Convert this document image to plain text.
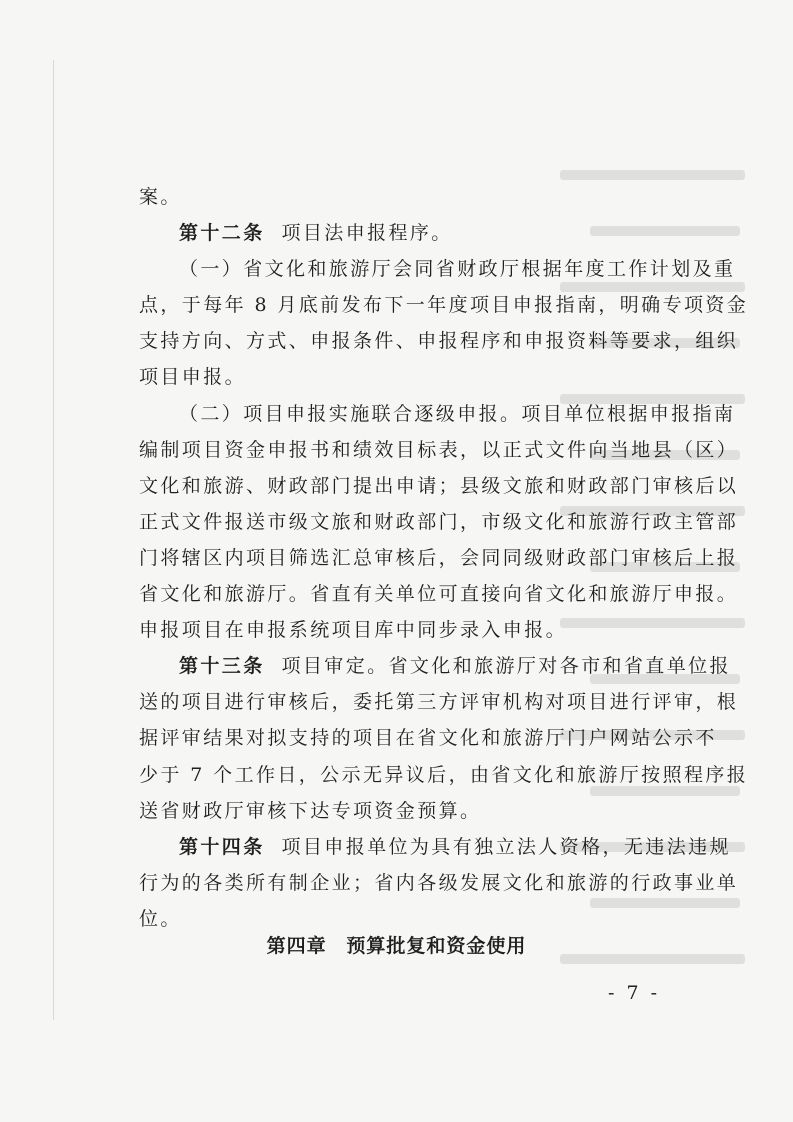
案。
第十二条 项目法申报程序。
（一）省文化和旅游厅会同省财政厅根据年度工作计划及重
点，于每年 8 月底前发布下一年度项目申报指南，明确专项资金
支持方向、方式、申报条件、申报程序和申报资料等要求，组织
项目申报。
（二）项目申报实施联合逐级申报。项目单位根据申报指南
编制项目资金申报书和绩效目标表，以正式文件向当地县（区）
文化和旅游、财政部门提出申请；县级文旅和财政部门审核后以
正式文件报送市级文旅和财政部门，市级文化和旅游行政主管部
门将辖区内项目筛选汇总审核后，会同同级财政部门审核后上报
省文化和旅游厅。省直有关单位可直接向省文化和旅游厅申报。
申报项目在申报系统项目库中同步录入申报。
第十三条 项目审定。省文化和旅游厅对各市和省直单位报
送的项目进行审核后，委托第三方评审机构对项目进行评审，根
据评审结果对拟支持的项目在省文化和旅游厅门户网站公示不
少于 7 个工作日，公示无异议后，由省文化和旅游厅按照程序报
送省财政厅审核下达专项资金预算。
第十四条 项目申报单位为具有独立法人资格，无违法违规
行为的各类所有制企业；省内各级发展文化和旅游的行政事业单
位。
第四章 预算批复和资金使用
- 7 -
